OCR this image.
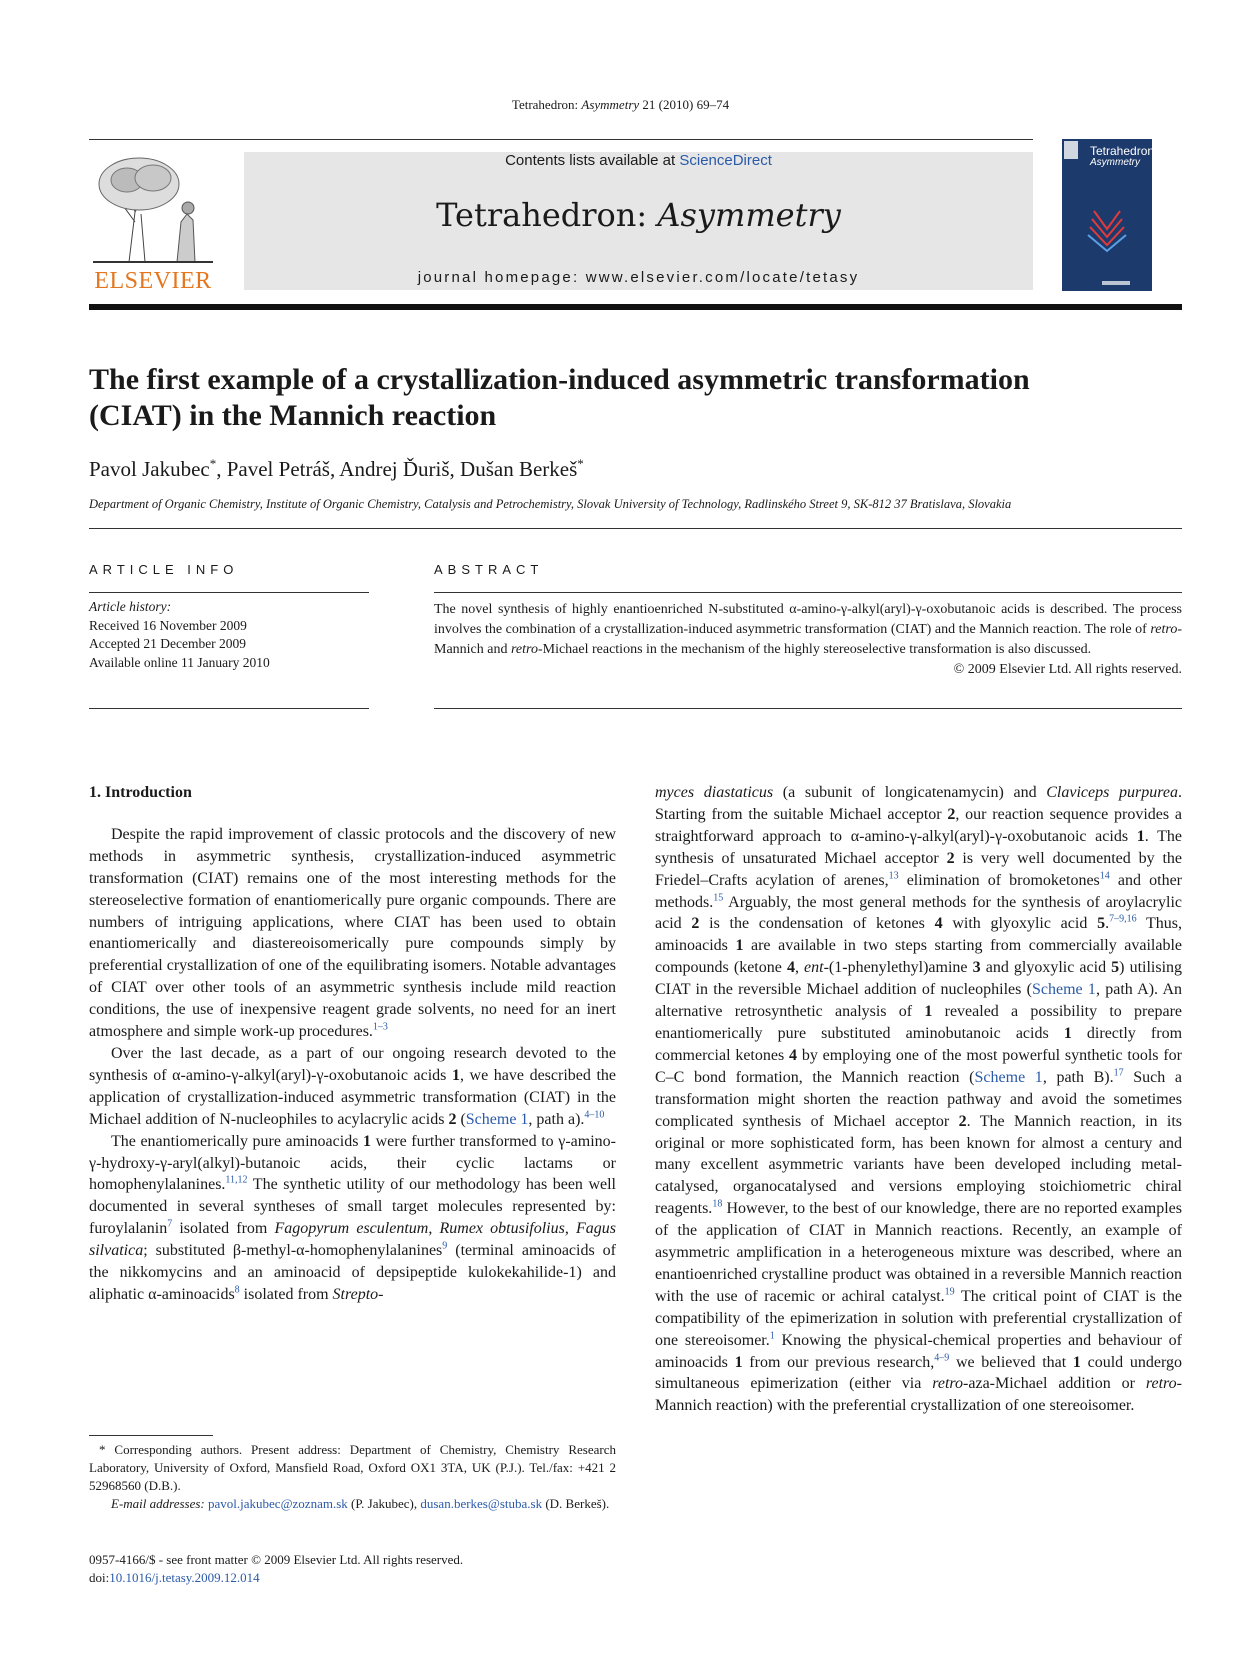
Tetrahedron: Asymmetry 21 (2010) 69–74
ELSEVIER
Contents lists available at ScienceDirect
Tetrahedron: Asymmetry
journal homepage: www.elsevier.com/locate/tetasy
Tetrahedron:
Asymmetry
The first example of a crystallization-induced asymmetric transformation
(CIAT) in the Mannich reaction
Pavol Jakubec*, Pavel Petráš, Andrej Ďuriš, Dušan Berkeš*
Department of Organic Chemistry, Institute of Organic Chemistry, Catalysis and Petrochemistry, Slovak University of Technology, Radlinského Street 9, SK-812 37 Bratislava, Slovakia
ARTICLE INFO
Article history:
Received 16 November 2009
Accepted 21 December 2009
Available online 11 January 2010
ABSTRACT
The novel synthesis of highly enantioenriched N-substituted α-amino-γ-alkyl(aryl)-γ-oxobutanoic acids is described. The process involves the combination of a crystallization-induced asymmetric transformation (CIAT) and the Mannich reaction. The role of retro-Mannich and retro-Michael reactions in the mechanism of the highly stereoselective transformation is also discussed.
© 2009 Elsevier Ltd. All rights reserved.
1. Introduction

Despite the rapid improvement of classic protocols and the discovery of new methods in asymmetric synthesis, crystallization-induced asymmetric transformation (CIAT) remains one of the most interesting methods for the stereoselective formation of enantiomerically pure organic compounds. There are numbers of intriguing applications, where CIAT has been used to obtain enantiomerically and diastereoisomerically pure compounds simply by preferential crystallization of one of the equilibrating isomers. Notable advantages of CIAT over other tools of an asymmetric synthesis include mild reaction conditions, the use of inexpensive reagent grade solvents, no need for an inert atmosphere and simple work-up procedures.$^{1-3}$

Over the last decade, as a part of our ongoing research devoted to the synthesis of α-amino-γ-alkyl(aryl)-γ-oxobutanoic acids 1, we have described the application of crystallization-induced asymmetric transformation (CIAT) in the Michael addition of N-nucleophiles to acylacrylic acids 2 (Scheme 1, path a).$^{4-10}$

The enantiomerically pure aminoacids 1 were further transformed to γ-amino-γ-hydroxy-γ-aryl(alkyl)-butanoic acids, their cyclic lactams or homophenylalanines.$^{11,12}$ The synthetic utility of our methodology has been well documented in several syntheses of small target molecules represented by: furoylalanin$^7$ isolated from Fagopyrum esculentum, Rumex obtusifolius, Fagus silvatica; substituted β-methyl-α-homophenylalanines$^9$ (terminal aminoacids of the nikkomycins and an aminoacid of depsipeptide kulokekahilide-1) and aliphatic α-aminoacids$^8$ isolated from Strepto-

myces diastaticus (a subunit of longicatenamycin) and Claviceps purpurea. Starting from the suitable Michael acceptor 2, our reaction sequence provides a straightforward approach to α-amino-γ-alkyl(aryl)-γ-oxobutanoic acids 1. The synthesis of unsaturated Michael acceptor 2 is very well documented by the Friedel–Crafts acylation of arenes,$^{13}$ elimination of bromoketones$^{14}$ and other methods.$^{15}$ Arguably, the most general methods for the synthesis of aroylacrylic acid 2 is the condensation of ketones 4 with glyoxylic acid 5.$^{7-9,16}$ Thus, aminoacids 1 are available in two steps starting from commercially available compounds (ketone 4, ent-(1-phenylethyl)amine 3 and glyoxylic acid 5) utilising CIAT in the reversible Michael addition of nucleophiles (Scheme 1, path A). An alternative retrosynthetic analysis of 1 revealed a possibility to prepare enantiomerically pure substituted aminobutanoic acids 1 directly from commercial ketones 4 by employing one of the most powerful synthetic tools for C–C bond formation, the Mannich reaction (Scheme 1, path B).$^{17}$ Such a transformation might shorten the reaction pathway and avoid the sometimes complicated synthesis of Michael acceptor 2. The Mannich reaction, in its original or more sophisticated form, has been known for almost a century and many excellent asymmetric variants have been developed including metal-catalysed, organocatalysed and versions employing stoichiometric chiral reagents.$^{18}$ However, to the best of our knowledge, there are no reported examples of the application of CIAT in Mannich reactions. Recently, an example of asymmetric amplification in a heterogeneous mixture was described, where an enantioenriched crystalline product was obtained in a reversible Mannich reaction with the use of racemic or achiral catalyst.$^{19}$ The critical point of CIAT is the compatibility of the epimerization in solution with preferential crystallization of one stereoisomer.$^1$ Knowing the physical-chemical properties and behaviour of aminoacids 1 from our previous research,$^{4-9}$ we believed that 1 could undergo simultaneous epimerization (either via retro-aza-Michael addition or retro-Mannich reaction) with the preferential crystallization of one stereoisomer.

* Corresponding authors. Present address: Department of Chemistry, Chemistry Research Laboratory, University of Oxford, Mansfield Road, Oxford OX1 3TA, UK (P.J.). Tel./fax: +421 2 52968560 (D.B.).
E-mail addresses: pavol.jakubec@zoznam.sk (P. Jakubec), dusan.berkes@stuba.sk (D. Berkeš).
0957-4166/$ - see front matter © 2009 Elsevier Ltd. All rights reserved.
doi:10.1016/j.tetasy.2009.12.014
